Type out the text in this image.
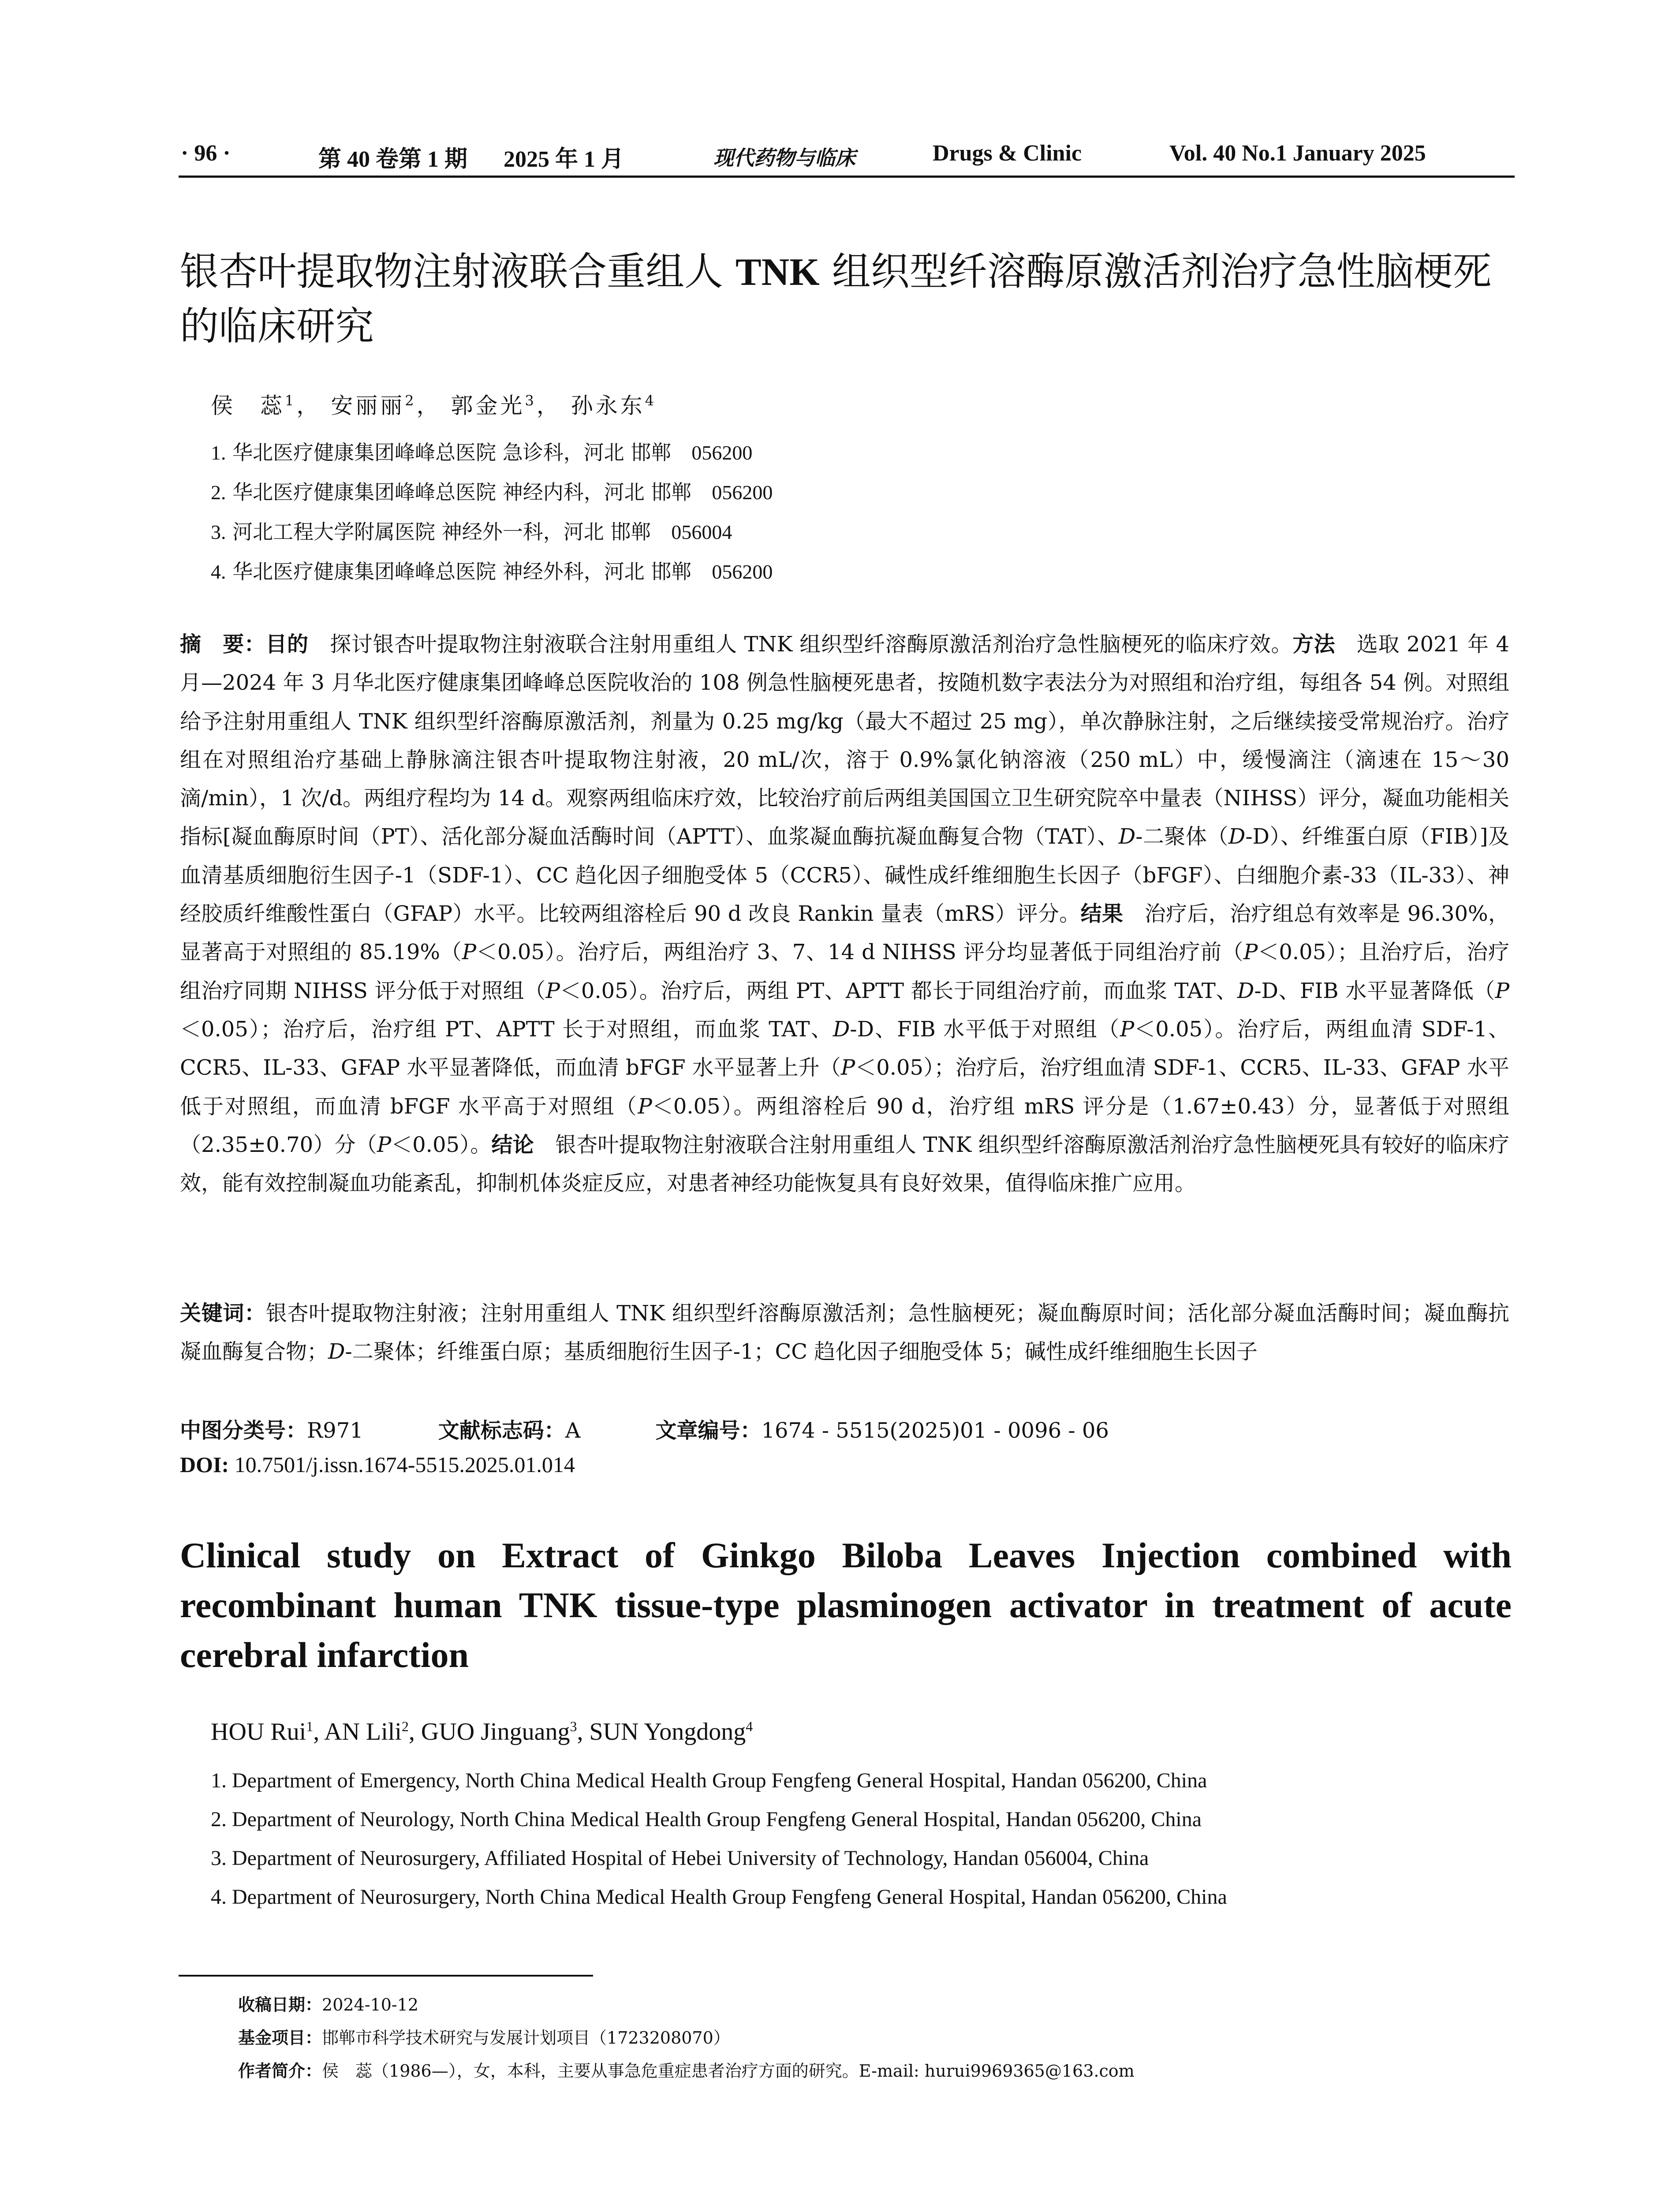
· 96 ·	第 40 卷第 1 期 2025 年 1 月	现代药物与临床	Drugs & Clinic	Vol. 40 No.1 January 2025
银杏叶提取物注射液联合重组人 TNK 组织型纤溶酶原激活剂治疗急性脑梗死的临床研究
侯　蕊$^1$， 安丽丽$^2$， 郭金光$^3$， 孙永东$^4$
1. 华北医疗健康集团峰峰总医院 急诊科，河北 邯郸　 056200
2. 华北医疗健康集团峰峰总医院 神经内科，河北 邯郸　 056200
3. 河北工程大学附属医院 神经外一科，河北 邯郸　 056004
4. 华北医疗健康集团峰峰总医院 神经外科，河北 邯郸　 056200
摘　要：目的　探讨银杏叶提取物注射液联合注射用重组人 TNK 组织型纤溶酶原激活剂治疗急性脑梗死的临床疗效。方法　选取 2021 年 4 月—2024 年 3 月华北医疗健康集团峰峰总医院收治的 108 例急性脑梗死患者，按随机数字表法分为对照组和治疗组，每组各 54 例。对照组给予注射用重组人 TNK 组织型纤溶酶原激活剂，剂量为 0.25 mg/kg（最大不超过 25 mg），单次静脉注射，之后继续接受常规治疗。治疗组在对照组治疗基础上静脉滴注银杏叶提取物注射液，20 mL/次，溶于 0.9%氯化钠溶液（250 mL）中，缓慢滴注（滴速在 15～30 滴/min），1 次/d。两组疗程均为 14 d。观察两组临床疗效，比较治疗前后两组美国国立卫生研究院卒中量表（NIHSS）评分，凝血功能相关指标[凝血酶原时间（PT）、活化部分凝血活酶时间（APTT）、血浆凝血酶抗凝血酶复合物（TAT）、D-二聚体（D-D）、纤维蛋白原（FIB）]及血清基质细胞衍生因子-1（SDF-1）、CC 趋化因子细胞受体 5（CCR5）、碱性成纤维细胞生长因子（bFGF）、白细胞介素-33（IL-33）、神经胶质纤维酸性蛋白（GFAP）水平。比较两组溶栓后 90 d 改良 Rankin 量表（mRS）评分。结果　治疗后，治疗组总有效率是 96.30%，显著高于对照组的 85.19%（P＜0.05）。治疗后，两组治疗 3、7、14 d NIHSS 评分均显著低于同组治疗前（P＜0.05）；且治疗后，治疗组治疗同期 NIHSS 评分低于对照组（P＜0.05）。治疗后，两组 PT、APTT 都长于同组治疗前，而血浆 TAT、D-D、FIB 水平显著降低（P＜0.05）；治疗后，治疗组 PT、APTT 长于对照组，而血浆 TAT、D-D、FIB 水平低于对照组（P＜0.05）。治疗后，两组血清 SDF-1、CCR5、IL-33、GFAP 水平显著降低，而血清 bFGF 水平显著上升（P＜0.05）；治疗后，治疗组血清 SDF-1、CCR5、IL-33、GFAP 水平低于对照组，而血清 bFGF 水平高于对照组（P＜0.05）。两组溶栓后 90 d，治疗组 mRS 评分是（1.67±0.43）分，显著低于对照组（2.35±0.70）分（P＜0.05）。结论　银杏叶提取物注射液联合注射用重组人 TNK 组织型纤溶酶原激活剂治疗急性脑梗死具有较好的临床疗效，能有效控制凝血功能紊乱，抑制机体炎症反应，对患者神经功能恢复具有良好效果，值得临床推广应用。
关键词：银杏叶提取物注射液；注射用重组人 TNK 组织型纤溶酶原激活剂；急性脑梗死；凝血酶原时间；活化部分凝血活酶时间；凝血酶抗凝血酶复合物；D-二聚体；纤维蛋白原；基质细胞衍生因子-1；CC 趋化因子细胞受体 5；碱性成纤维细胞生长因子
中图分类号：R971	文献标志码：A	文章编号：1674 - 5515(2025)01 - 0096 - 06
DOI: 10.7501/j.issn.1674-5515.2025.01.014
Clinical study on Extract of Ginkgo Biloba Leaves Injection combined with recombinant human TNK tissue-type plasminogen activator in treatment of acute cerebral infarction
HOU Rui$^1$, AN Lili$^2$, GUO Jinguang$^3$, SUN Yongdong$^4$
1. Department of Emergency, North China Medical Health Group Fengfeng General Hospital, Handan 056200, China
2. Department of Neurology, North China Medical Health Group Fengfeng General Hospital, Handan 056200, China
3. Department of Neurosurgery, Affiliated Hospital of Hebei University of Technology, Handan 056004, China
4. Department of Neurosurgery, North China Medical Health Group Fengfeng General Hospital, Handan 056200, China
收稿日期：2024-10-12
基金项目：邯郸市科学技术研究与发展计划项目（1723208070）
作者简介：侯　蕊（1986—），女，本科，主要从事急危重症患者治疗方面的研究。E-mail: hurui9969365@163.com
